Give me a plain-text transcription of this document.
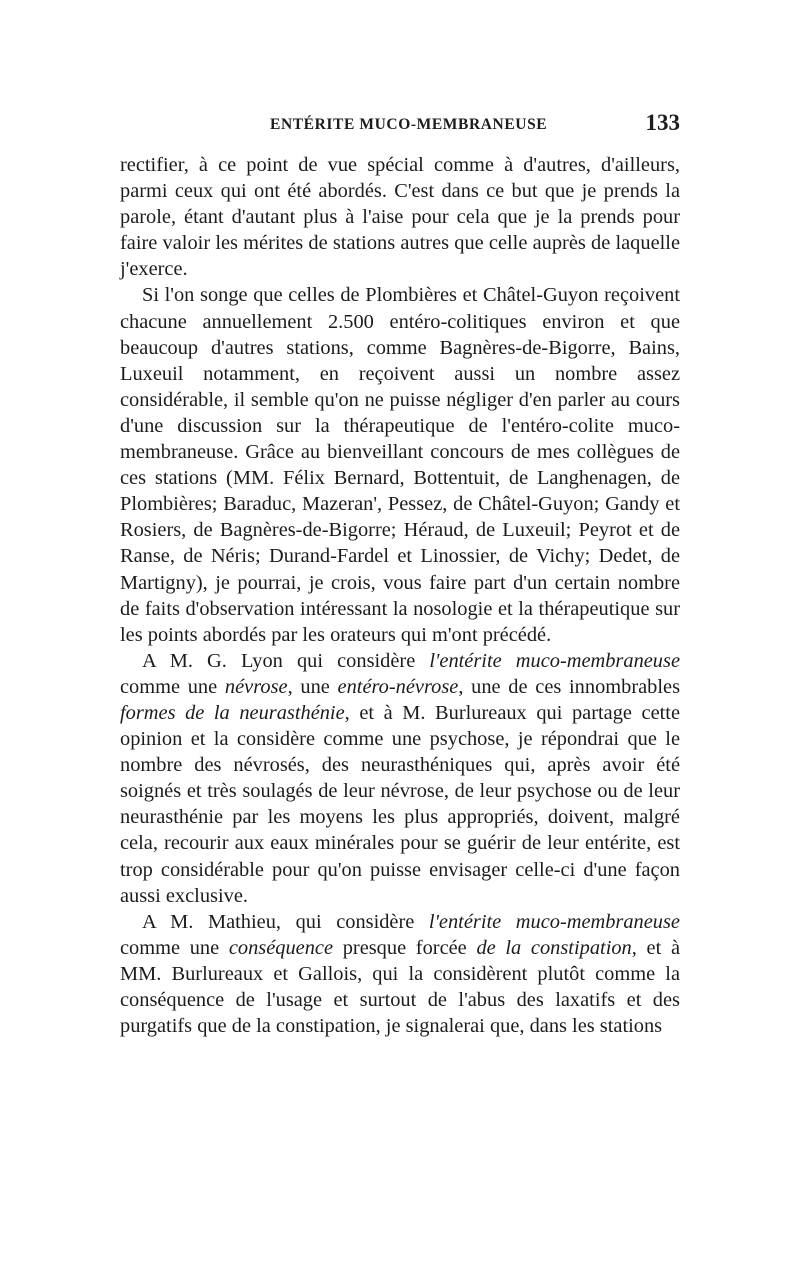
ENTÉRITE MUCO-MEMBRANEUSE	133

rectifier, à ce point de vue spécial comme à d'autres, d'ailleurs, parmi ceux qui ont été abordés. C'est dans ce but que je prends la parole, étant d'autant plus à l'aise pour cela que je la prends pour faire valoir les mérites de stations autres que celle auprès de laquelle j'exerce.

Si l'on songe que celles de Plombières et Châtel-Guyon reçoivent chacune annuellement 2.500 entéro-colitiques environ et que beaucoup d'autres stations, comme Bagnères-de-Bigorre, Bains, Luxeuil notamment, en reçoivent aussi un nombre assez considérable, il semble qu'on ne puisse négliger d'en parler au cours d'une discussion sur la thérapeutique de l'entéro-colite muco-membraneuse. Grâce au bienveillant concours de mes collègues de ces stations (MM. Félix Bernard, Bottentuit, de Langhenagen, de Plombières; Baraduc, Mazeran', Pessez, de Châtel-Guyon; Gandy et Rosiers, de Bagnères-de-Bigorre; Héraud, de Luxeuil; Peyrot et de Ranse, de Néris; Durand-Fardel et Linossier, de Vichy; Dedet, de Martigny), je pourrai, je crois, vous faire part d'un certain nombre de faits d'observation intéressant la nosologie et la thérapeutique sur les points abordés par les orateurs qui m'ont précédé.

A M. G. Lyon qui considère l'entérite muco-membraneuse comme une névrose, une entéro-névrose, une de ces innombrables formes de la neurasthénie, et à M. Burlureaux qui partage cette opinion et la considère comme une psychose, je répondrai que le nombre des névrosés, des neurasthéniques qui, après avoir été soignés et très soulagés de leur névrose, de leur psychose ou de leur neurasthénie par les moyens les plus appropriés, doivent, malgré cela, recourir aux eaux minérales pour se guérir de leur entérite, est trop considérable pour qu'on puisse envisager celle-ci d'une façon aussi exclusive.

A M. Mathieu, qui considère l'entérite muco-membraneuse comme une conséquence presque forcée de la constipation, et à MM. Burlureaux et Gallois, qui la considèrent plutôt comme la conséquence de l'usage et surtout de l'abus des laxatifs et des purgatifs que de la constipation, je signalerai que, dans les stations
